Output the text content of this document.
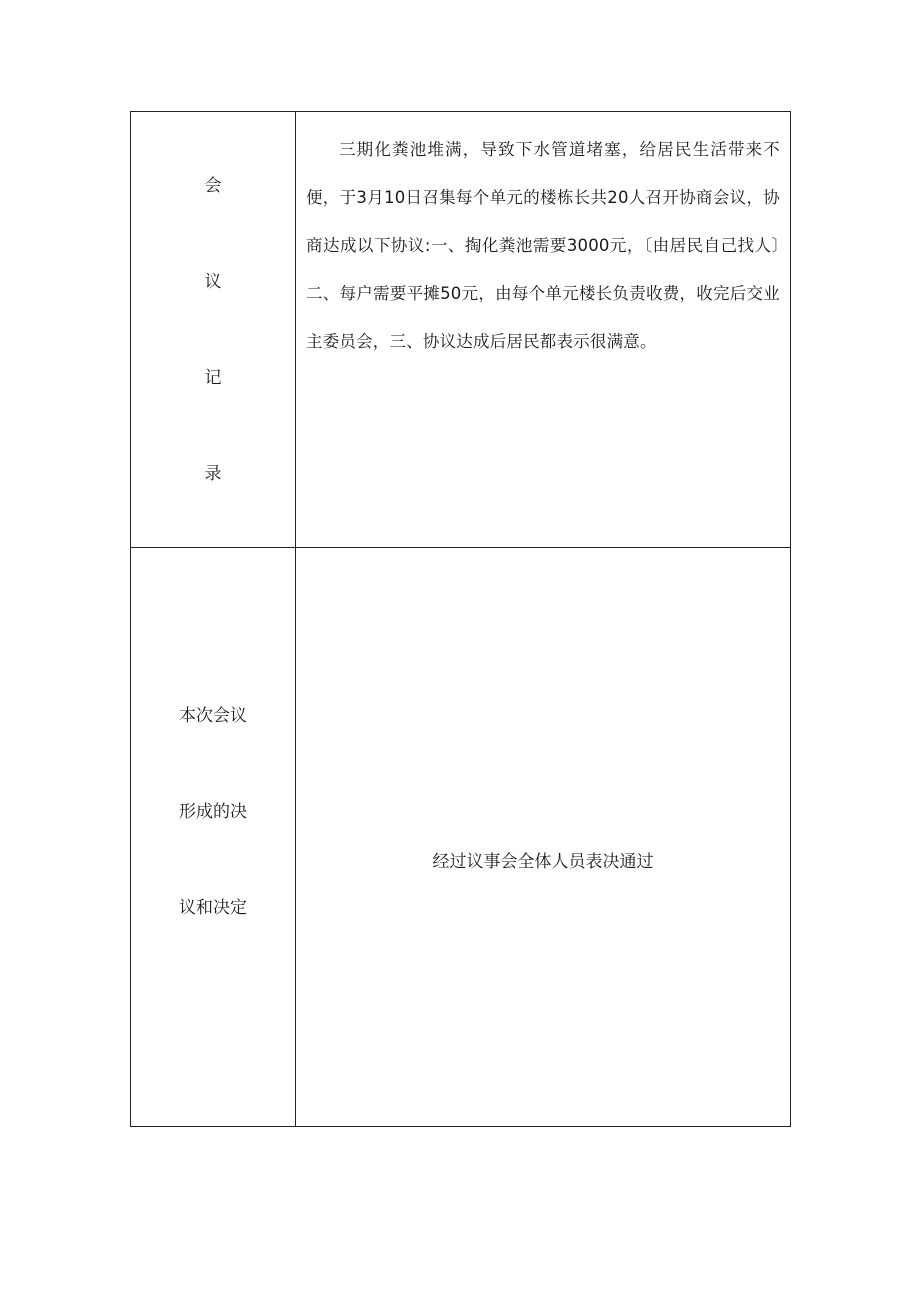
会
议
记
录	三期化粪池堆满，导致下水管道堵塞，给居民生活带来不便，于3月10日召集每个单元的楼栋长共20人召开协商会议，协商达成以下协议:一、掏化粪池需要3000元，〔由居民自己找人〕二、每户需要平摊50元，由每个单元楼长负责收费，收完后交业主委员会，三、协议达成后居民都表示很满意。

本次会议
形成的决
议和决定	经过议事会全体人员表决通过
